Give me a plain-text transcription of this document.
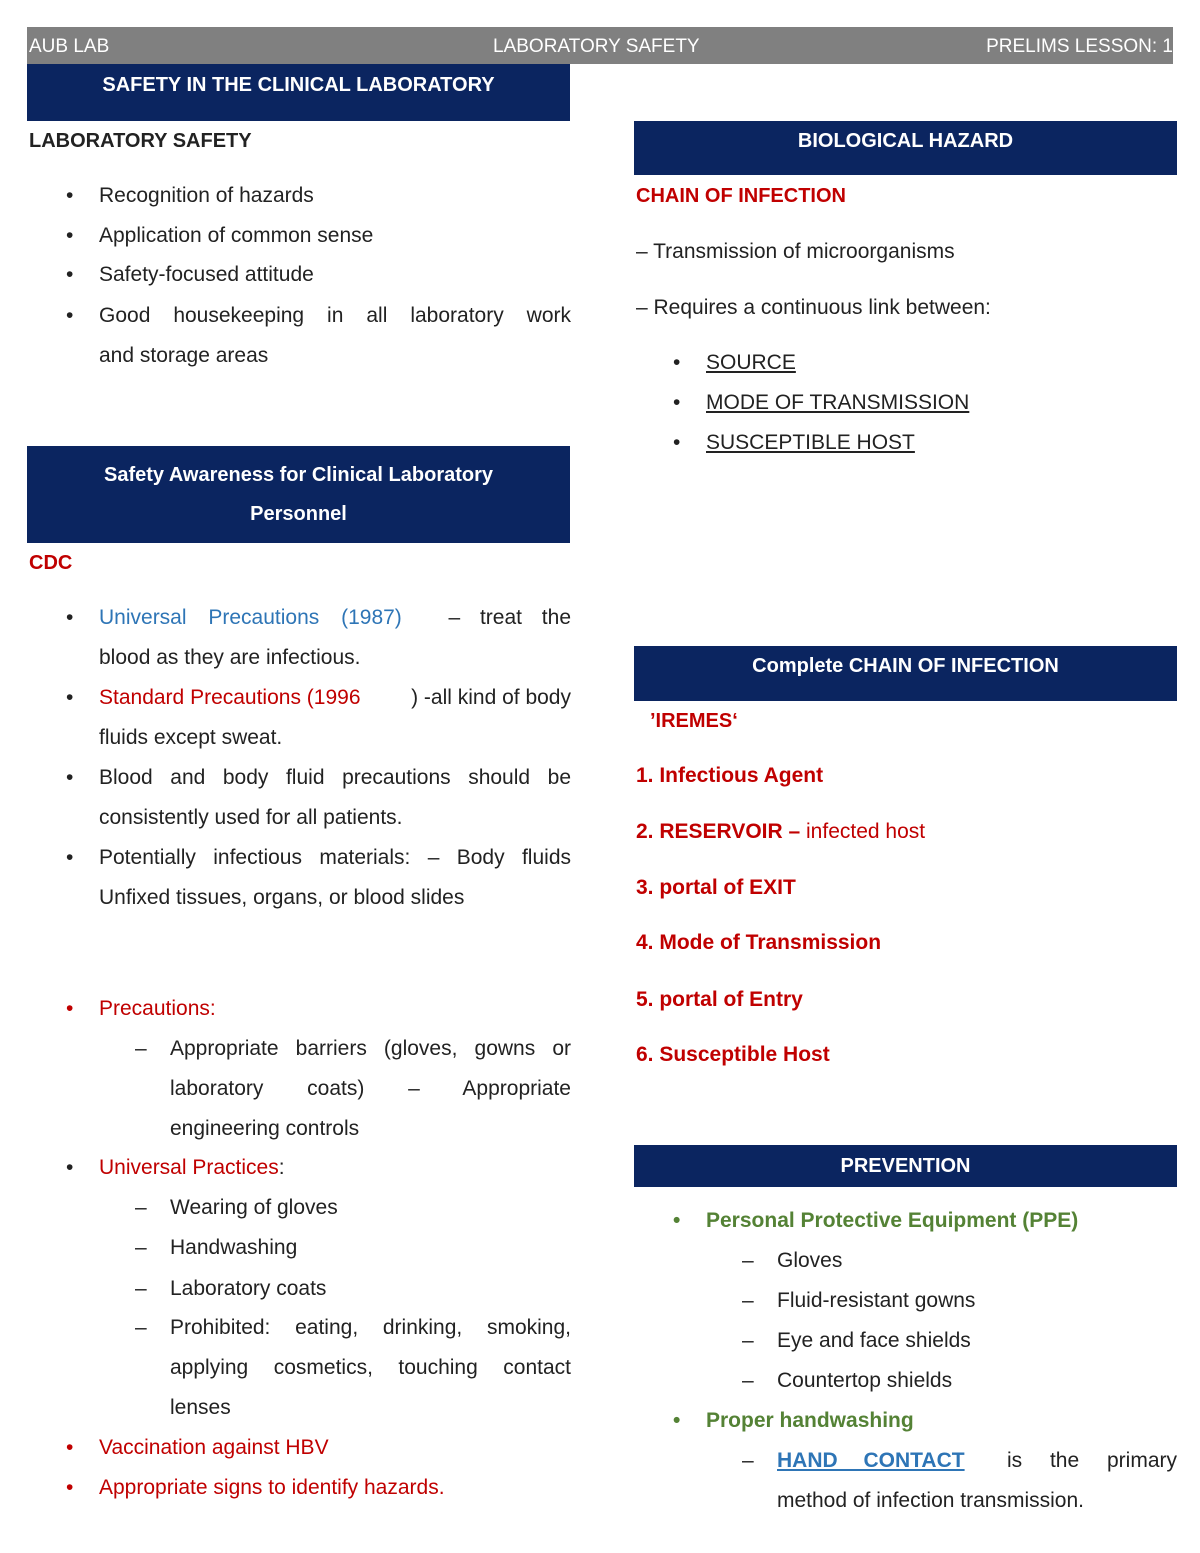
AUB LAB	LABORATORY SAFETY	PRELIMS LESSON: 1
SAFETY IN THE CLINICAL LABORATORY
LABORATORY SAFETY
• Recognition of hazards
• Application of common sense
• Safety-focused attitude
• Good housekeeping in all laboratory work
and storage areas
Safety Awareness for Clinical Laboratory
Personnel
CDC
• Universal Precautions (1987) – treat the
blood as they are infectious.
• Standard Precautions (1996 ) -all kind of body
fluids except sweat.
• Blood and body fluid precautions should be
consistently used for all patients.
• Potentially infectious materials: – Body fluids
Unfixed tissues, organs, or blood slides
• Precautions:
– Appropriate barriers (gloves, gowns or
laboratory coats) – Appropriate
engineering controls
• Universal Practices:
– Wearing of gloves
– Handwashing
– Laboratory coats
– Prohibited: eating, drinking, smoking,
applying cosmetics, touching contact
lenses
• Vaccination against HBV
• Appropriate signs to identify hazards.
BIOLOGICAL HAZARD
CHAIN OF INFECTION
– Transmission of microorganisms
– Requires a continuous link between:
• SOURCE
• MODE OF TRANSMISSION
• SUSCEPTIBLE HOST
Complete CHAIN OF INFECTION
’IREMES‘
1. Infectious Agent
2. RESERVOIR – infected host
3. portal of EXIT
4. Mode of Transmission
5. portal of Entry
6. Susceptible Host
PREVENTION
• Personal Protective Equipment (PPE)
– Gloves
– Fluid-resistant gowns
– Eye and face shields
– Countertop shields
• Proper handwashing
– HAND CONTACT is the primary
method of infection transmission.
